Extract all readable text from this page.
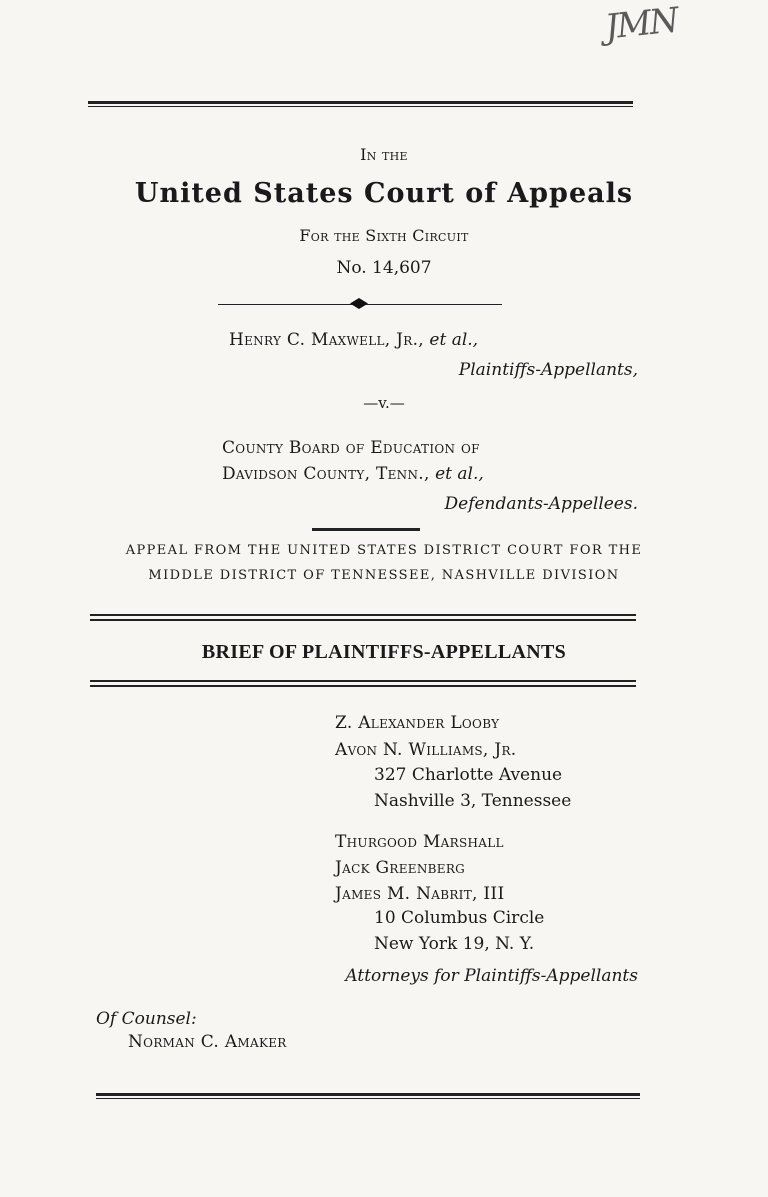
JMN
In the
United States Court of Appeals
For the Sixth Circuit
No. 14,607
Henry C. Maxwell, Jr., et al.,
Plaintiffs-Appellants,
—v.—
County Board of Education of
Davidson County, Tenn., et al.,
Defendants-Appellees.
APPEAL FROM THE UNITED STATES DISTRICT COURT FOR THE
MIDDLE DISTRICT OF TENNESSEE, NASHVILLE DIVISION
BRIEF OF PLAINTIFFS-APPELLANTS
Z. Alexander Looby
Avon N. Williams, Jr.
327 Charlotte Avenue
Nashville 3, Tennessee
Thurgood Marshall
Jack Greenberg
James M. Nabrit, III
10 Columbus Circle
New York 19, N. Y.
Attorneys for Plaintiffs-Appellants
Of Counsel:
Norman C. Amaker
